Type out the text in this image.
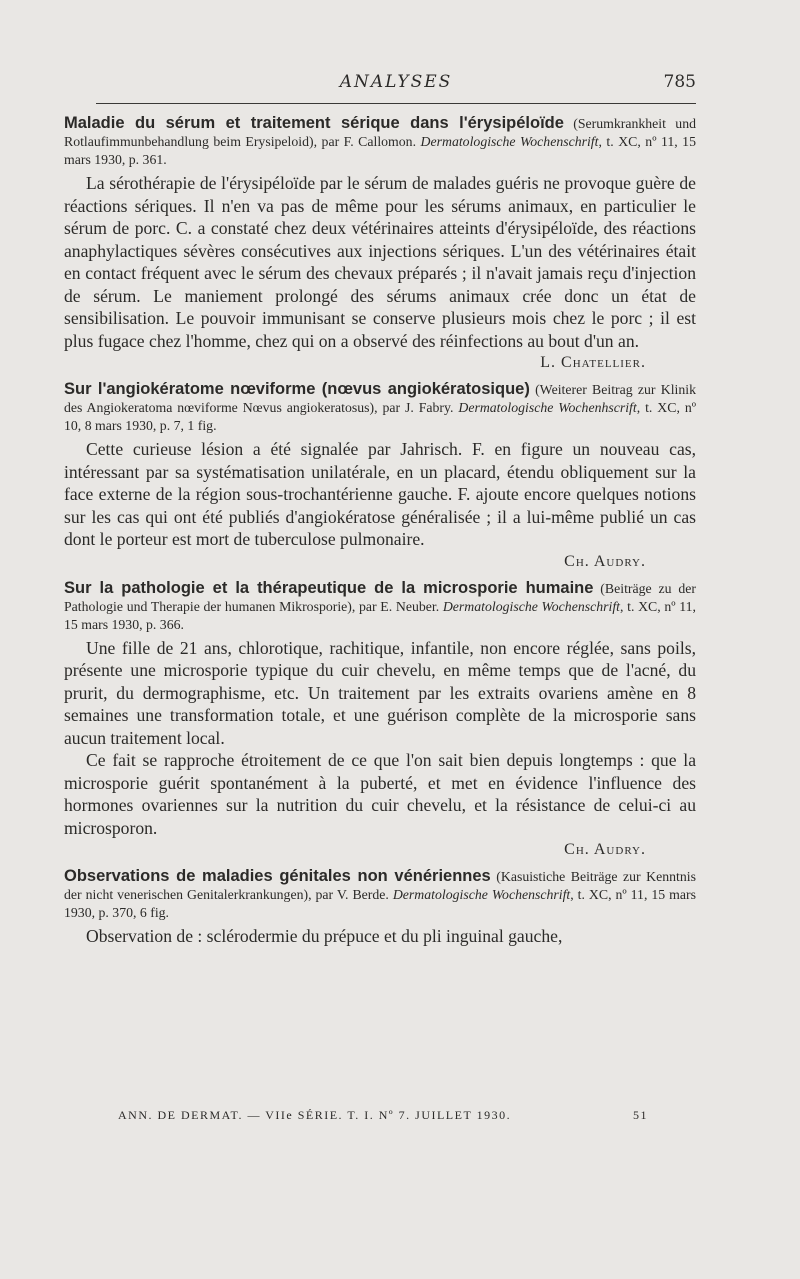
ANALYSES	785

Maladie du sérum et traitement sérique dans l'érysipéloïde (Serumkrankheit und Rotlaufimmunbehandlung beim Erysipeloid), par F. Callomon. Dermatologische Wochenschrift, t. XC, nº 11, 15 mars 1930, p. 361.

La sérothérapie de l'érysipéloïde par le sérum de malades guéris ne provoque guère de réactions sériques. Il n'en va pas de même pour les sérums animaux, en particulier le sérum de porc. C. a constaté chez deux vétérinaires atteints d'érysipéloïde, des réactions anaphylactiques sévères consécutives aux injections sériques. L'un des vétérinaires était en contact fréquent avec le sérum des chevaux préparés ; il n'avait jamais reçu d'injection de sérum. Le maniement prolongé des sérums animaux crée donc un état de sensibilisation. Le pouvoir immunisant se conserve plusieurs mois chez le porc ; il est plus fugace chez l'homme, chez qui on a observé des réinfections au bout d'un an.

L. Chatellier.

Sur l'angiokératome nœviforme (nœvus angiokératosique) (Weiterer Beitrag zur Klinik des Angiokeratoma nœviforme Nœvus angiokeratosus), par J. Fabry. Dermatologische Wochenhscrift, t. XC, nº 10, 8 mars 1930, p. 7, 1 fig.

Cette curieuse lésion a été signalée par Jahrisch. F. en figure un nouveau cas, intéressant par sa systématisation unilatérale, en un placard, étendu obliquement sur la face externe de la région sous-trochantérienne gauche. F. ajoute encore quelques notions sur les cas qui ont été publiés d'angiokératose généralisée ; il a lui-même publié un cas dont le porteur est mort de tuberculose pulmonaire.

Ch. Audry.

Sur la pathologie et la thérapeutique de la microsporie humaine (Beiträge zu der Pathologie und Therapie der humanen Mikrosporie), par E. Neuber. Dermatologische Wochenschrift, t. XC, nº 11, 15 mars 1930, p. 366.

Une fille de 21 ans, chlorotique, rachitique, infantile, non encore réglée, sans poils, présente une microsporie typique du cuir chevelu, en même temps que de l'acné, du prurit, du dermographisme, etc. Un traitement par les extraits ovariens amène en 8 semaines une transformation totale, et une guérison complète de la microsporie sans aucun traitement local.

Ce fait se rapproche étroitement de ce que l'on sait bien depuis longtemps : que la microsporie guérit spontanément à la puberté, et met en évidence l'influence des hormones ovariennes sur la nutrition du cuir chevelu, et la résistance de celui-ci au microsporon.

Ch. Audry.

Observations de maladies génitales non vénériennes (Kasuistiche Beiträge zur Kenntnis der nicht venerischen Genitalerkrankungen), par V. Berde. Dermatologische Wochenschrift, t. XC, nº 11, 15 mars 1930, p. 370, 6 fig.

Observation de : sclérodermie du prépuce et du pli inguinal gauche,

ANN. DE DERMAT. — VIIe SÉRIE. T. I. Nº 7. JUILLET 1930.	51
